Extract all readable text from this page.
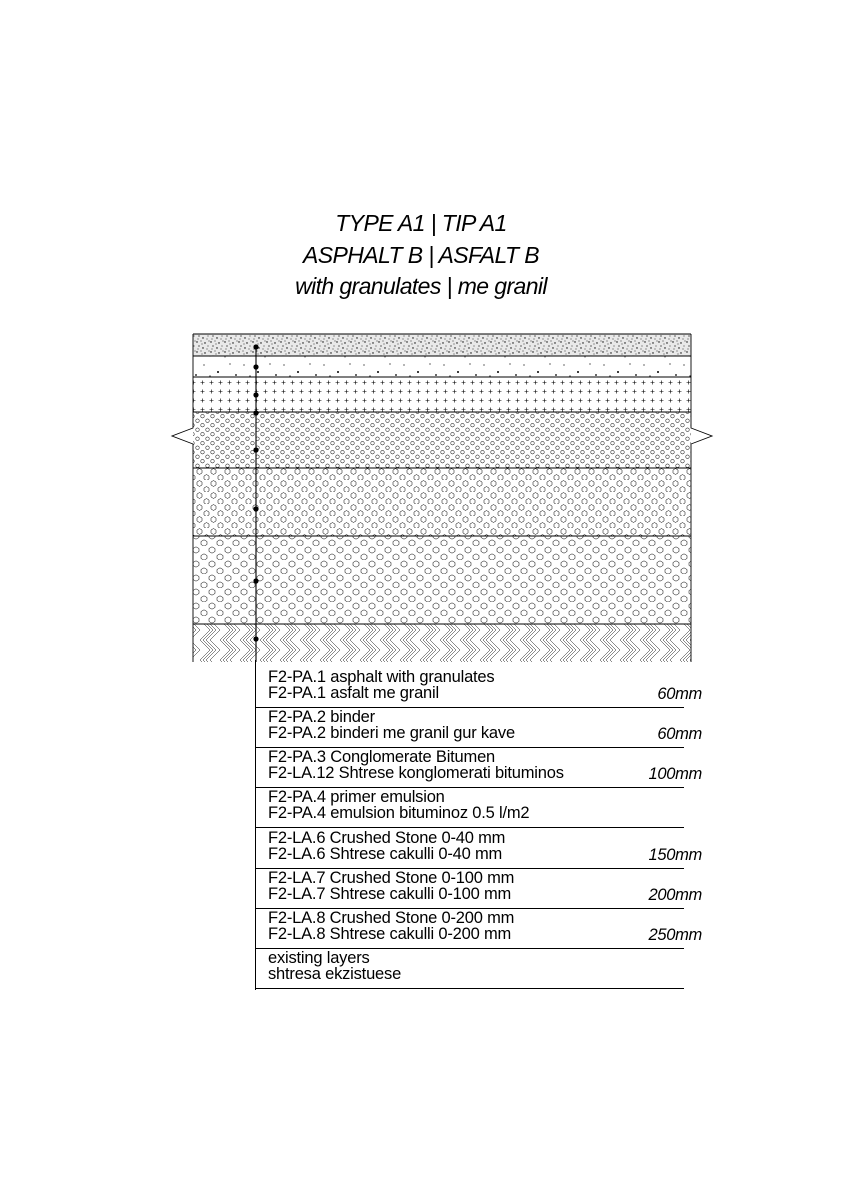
TYPE A1 | TIP A1
ASPHALT B | ASFALT B
with granulates | me granil
F2-PA.1 asphalt with granulates
F2-PA.1 asfalt me granil	60mm
F2-PA.2 binder
F2-PA.2 binderi me granil gur kave	60mm
F2-PA.3 Conglomerate Bitumen
F2-LA.12 Shtrese konglomerati bituminos	100mm
F2-PA.4 primer emulsion
F2-PA.4 emulsion bituminoz 0.5 l/m2
F2-LA.6 Crushed Stone 0-40 mm
F2-LA.6 Shtrese cakulli 0-40 mm	150mm
F2-LA.7 Crushed Stone 0-100 mm
F2-LA.7 Shtrese cakulli 0-100 mm	200mm
F2-LA.8 Crushed Stone 0-200 mm
F2-LA.8 Shtrese cakulli 0-200 mm	250mm
existing layers
shtresa ekzistuese
